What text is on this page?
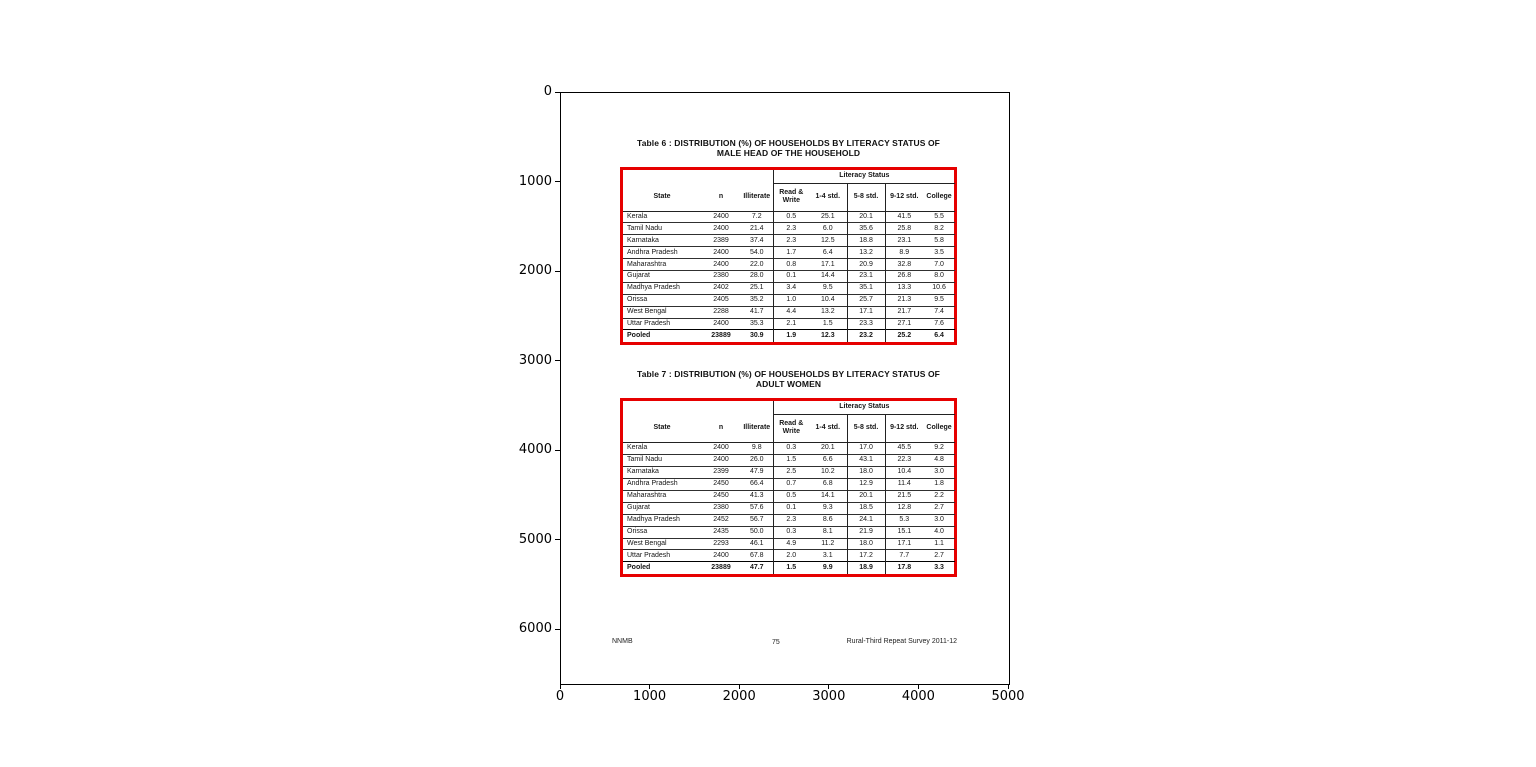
0
1000
2000
3000
4000
5000
6000
0	1000	2000	3000	4000	5000
Table 6 : DISTRIBUTION (%) OF HOUSEHOLDS BY LITERACY STATUS OF
MALE HEAD OF THE HOUSEHOLD
			Literacy Status				
State	n	Illiterate	Read & Write	1-4 std.	5-8 std.	9-12 std.	College
Kerala	2400	7.2	0.5	25.1	20.1	41.5	5.5
Tamil Nadu	2400	21.4	2.3	6.0	35.6	25.8	8.2
Karnataka	2389	37.4	2.3	12.5	18.8	23.1	5.8
Andhra Pradesh	2400	54.0	1.7	6.4	13.2	8.9	3.5
Maharashtra	2400	22.0	0.8	17.1	20.9	32.8	7.0
Gujarat	2380	28.0	0.1	14.4	23.1	26.8	8.0
Madhya Pradesh	2402	25.1	3.4	9.5	35.1	13.3	10.6
Orissa	2405	35.2	1.0	10.4	25.7	21.3	9.5
West Bengal	2288	41.7	4.4	13.2	17.1	21.7	7.4
Uttar Pradesh	2400	35.3	2.1	1.5	23.3	27.1	7.6
Pooled	23889	30.9	1.9	12.3	23.2	25.2	6.4
Table 7 : DISTRIBUTION (%) OF HOUSEHOLDS BY LITERACY STATUS OF
ADULT WOMEN
			Literacy Status				
State	n	Illiterate	Read & Write	1-4 std.	5-8 std.	9-12 std.	College
Kerala	2400	9.8	0.3	20.1	17.0	45.5	9.2
Tamil Nadu	2400	26.0	1.5	6.6	43.1	22.3	4.8
Karnataka	2399	47.9	2.5	10.2	18.0	10.4	3.0
Andhra Pradesh	2450	66.4	0.7	6.8	12.9	11.4	1.8
Maharashtra	2450	41.3	0.5	14.1	20.1	21.5	2.2
Gujarat	2380	57.6	0.1	9.3	18.5	12.8	2.7
Madhya Pradesh	2452	56.7	2.3	8.6	24.1	5.3	3.0
Orissa	2435	50.0	0.3	8.1	21.9	15.1	4.0
West Bengal	2293	46.1	4.9	11.2	18.0	17.1	1.1
Uttar Pradesh	2400	67.8	2.0	3.1	17.2	7.7	2.7
Pooled	23889	47.7	1.5	9.9	18.9	17.8	3.3
NNMB	75	Rural-Third Repeat Survey 2011-12
